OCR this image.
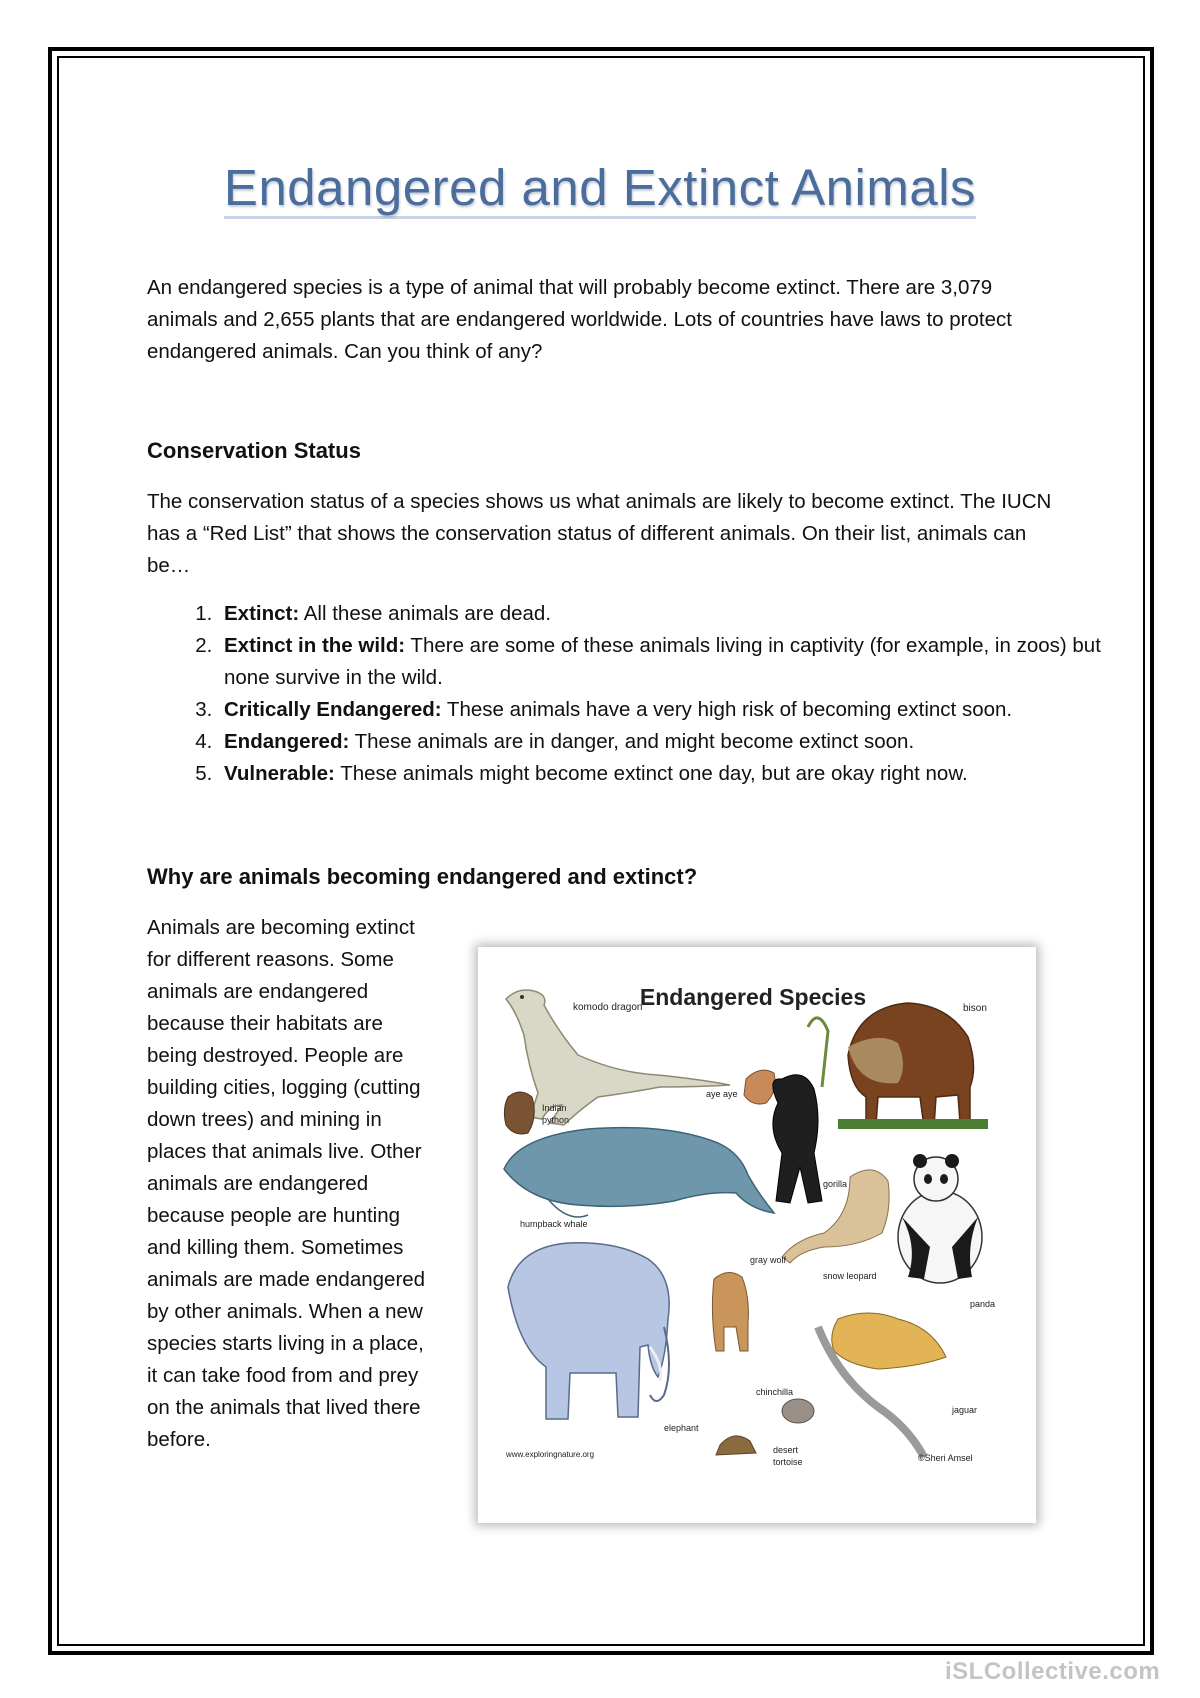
Endangered and Extinct Animals

An endangered species is a type of animal that will probably become extinct. There are 3,079 animals and 2,655 plants that are endangered worldwide. Lots of countries have laws to protect endangered animals. Can you think of any?

Conservation Status

The conservation status of a species shows us what animals are likely to become extinct. The IUCN has a “Red List” that shows the conservation status of different animals. On their list, animals can be…

1. Extinct: All these animals are dead.
2. Extinct in the wild: There are some of these animals living in captivity (for example, in zoos) but none survive in the wild.
3. Critically Endangered: These animals have a very high risk of becoming extinct soon.
4. Endangered: These animals are in danger, and might become extinct soon.
5. Vulnerable: These animals might become extinct one day, but are okay right now.
Why are animals becoming endangered and extinct?

Animals are becoming extinct for different reasons. Some animals are endangered because their habitats are being destroyed. People are building cities, logging (cutting down trees) and mining in places that animals live. Other animals are endangered because people are hunting and killing them. Sometimes animals are made endangered by other animals. When a new species starts living in a place, it can take food from and prey on the animals that lived there before.

Endangered Species
komodo dragon	bison
Indian
python
aye aye
humpback whale
gorilla
snow leopard
panda
gray wolf
elephant
chinchilla
desert
tortoise
jaguar
www.exploringnature.org	©Sheri Amsel
iSLCollective.com
